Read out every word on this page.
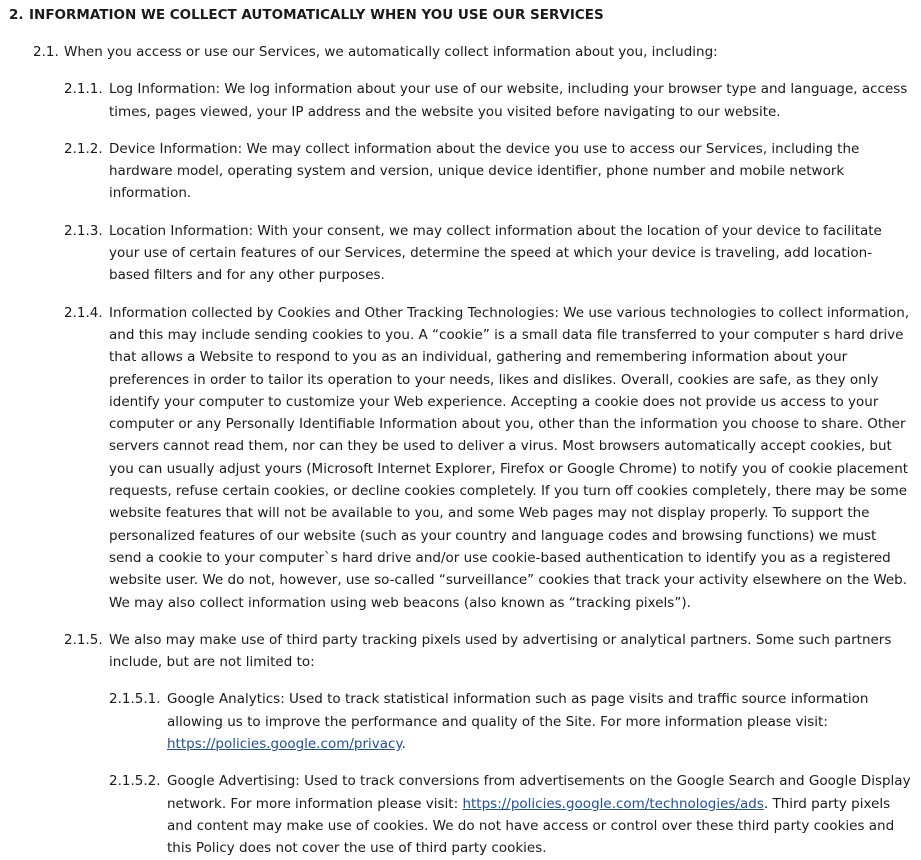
2. INFORMATION WE COLLECT AUTOMATICALLY WHEN YOU USE OUR SERVICES
2.1. When you access or use our Services, we automatically collect information about you, including:
2.1.1. Log Information: We log information about your use of our website, including your browser type and language, access times, pages viewed, your IP address and the website you visited before navigating to our website.
2.1.2. Device Information: We may collect information about the device you use to access our Services, including the hardware model, operating system and version, unique device identifier, phone number and mobile network information.
2.1.3. Location Information: With your consent, we may collect information about the location of your device to facilitate your use of certain features of our Services, determine the speed at which your device is traveling, add location-based filters and for any other purposes.
2.1.4. Information collected by Cookies and Other Tracking Technologies: We use various technologies to collect information, and this may include sending cookies to you. A “cookie” is a small data file transferred to your computer s hard drive that allows a Website to respond to you as an individual, gathering and remembering information about your preferences in order to tailor its operation to your needs, likes and dislikes. Overall, cookies are safe, as they only identify your computer to customize your Web experience. Accepting a cookie does not provide us access to your computer or any Personally Identifiable Information about you, other than the information you choose to share. Other servers cannot read them, nor can they be used to deliver a virus. Most browsers automatically accept cookies, but you can usually adjust yours (Microsoft Internet Explorer, Firefox or Google Chrome) to notify you of cookie placement requests, refuse certain cookies, or decline cookies completely. If you turn off cookies completely, there may be some website features that will not be available to you, and some Web pages may not display properly. To support the personalized features of our website (such as your country and language codes and browsing functions) we must send a cookie to your computer`s hard drive and/or use cookie-based authentication to identify you as a registered website user. We do not, however, use so-called “surveillance” cookies that track your activity elsewhere on the Web. We may also collect information using web beacons (also known as “tracking pixels”).
2.1.5. We also may make use of third party tracking pixels used by advertising or analytical partners. Some such partners include, but are not limited to:
2.1.5.1. Google Analytics: Used to track statistical information such as page visits and traffic source information allowing us to improve the performance and quality of the Site. For more information please visit: https://policies.google.com/privacy.
2.1.5.2. Google Advertising: Used to track conversions from advertisements on the Google Search and Google Display network. For more information please visit: https://policies.google.com/technologies/ads. Third party pixels and content may make use of cookies. We do not have access or control over these third party cookies and this Policy does not cover the use of third party cookies.
